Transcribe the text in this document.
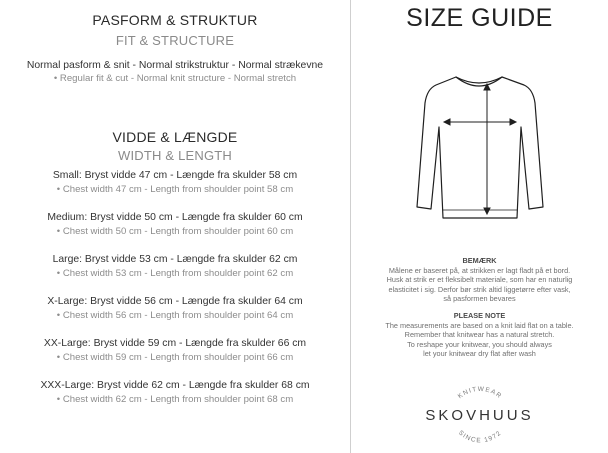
PASFORM & STRUKTUR
FIT & STRUCTURE
Normal pasform & snit - Normal strikstruktur - Normal strækevne
• Regular fit & cut - Normal knit structure - Normal stretch
VIDDE & LÆNGDE
WIDTH & LENGTH
Small: Bryst vidde 47 cm - Længde fra skulder 58 cm
• Chest width 47 cm - Length from shoulder point 58 cm
Medium: Bryst vidde 50 cm - Længde fra skulder 60 cm
• Chest width 50 cm - Length from shoulder point 60 cm
Large: Bryst vidde 53 cm - Længde fra skulder 62 cm
• Chest width 53 cm - Length from shoulder point 62 cm
X-Large: Bryst vidde 56 cm - Længde fra skulder 64 cm
• Chest width 56 cm - Length from shoulder point 64 cm
XX-Large: Bryst vidde 59 cm - Længde fra skulder 66 cm
• Chest width 59 cm - Length from shoulder point 66 cm
XXX-Large: Bryst vidde 62 cm - Længde fra skulder 68 cm
• Chest width 62 cm - Length from shoulder point 68 cm
SIZE GUIDE
BEMÆRK
Målene er baseret på, at strikken er lagt fladt på et bord.
Husk at strik er et fleksibelt materiale, som har en naturlig
elasticitet i sig. Derfor bør strik altid liggetørre efter vask,
så pasformen bevares
PLEASE NOTE
The measurements are based on a knit laid flat on a table.
Remember that knitwear has a natural stretch.
To reshape your knitwear, you should always
let your knitwear dry flat after wash
KNITWEAR
SINCE 1972
SKOVHUUS
